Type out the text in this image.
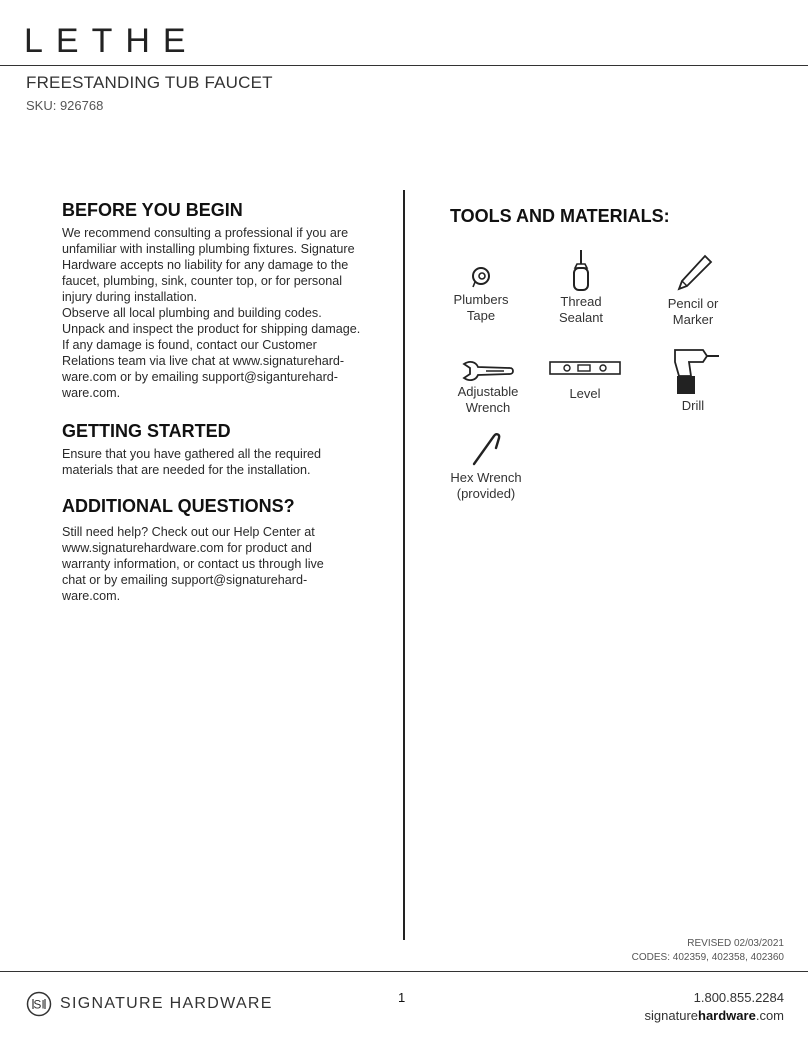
LETHE
FREESTANDING TUB FAUCET
SKU: 926768
BEFORE YOU BEGIN

We recommend consulting a professional if you are unfamiliar with installing plumbing fixtures. Signature Hardware accepts no liability for any damage to the faucet, plumbing, sink, counter top, or for personal injury during installation.

Observe all local plumbing and building codes.

Unpack and inspect the product for shipping damage. If any damage is found, contact our Customer Relations team via live chat at www.signaturehard-ware.com or by emailing support@siganturehard-ware.com.

GETTING STARTED
Ensure that you have gathered all the required materials that are needed for the installation.
ADDITIONAL QUESTIONS?
Still need help? Check out our Help Center at www.signaturehardware.com for product and warranty information, or contact us through live chat or by emailing support@signaturehard-ware.com.
TOOLS AND MATERIALS:
Plumbers
Tape
Thread
Sealant
Pencil or
Marker
Adjustable
Wrench
Level
Drill
Hex Wrench
(provided)
REVISED 02/03/2021
CODES: 402359, 402358, 402360
SI SIGNATURE HARDWARE	1	1.800.855.2284
signaturehardware.com
